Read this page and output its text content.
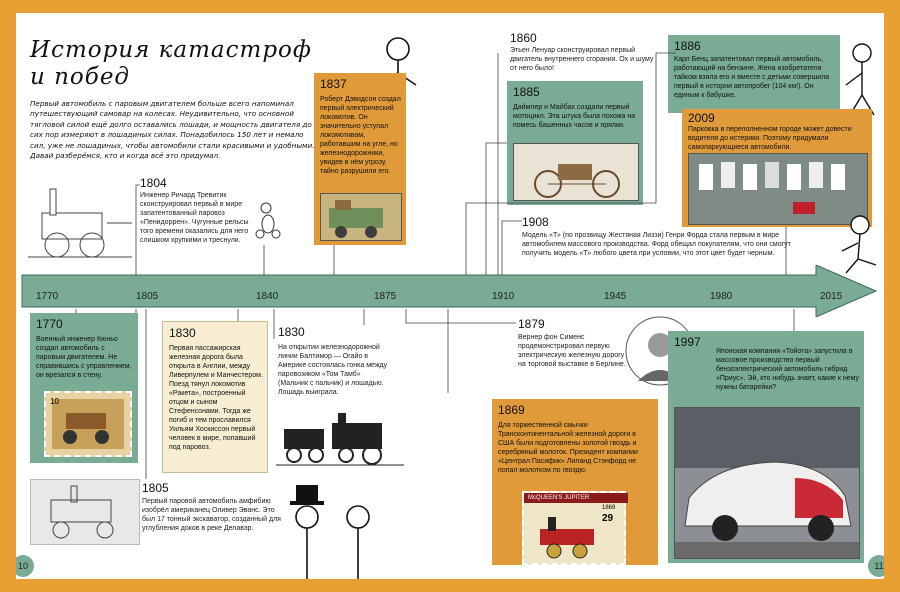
История катастроф
и побед
Первый автомобиль с паровым двигателем больше всего напоминал путешествующий самовар на колесах. Неудивительно, что основной тягловой силой ещё долго оставались лошади, и мощность двигателя до сих пор измеряют в лошадиных силах. Понадобилось 150 лет и немало сил, уже не лошадиных, чтобы автомобили стали красивыми и удобными. Давай разберёмся, кто и когда всё это придумал.
1804
Инженер Ричард Тревитик сконструировал первый в мире запатентованный паровоз «Пенидоррен». Чугунные рельсы того времени оказались для него слишком хрупкими и треснули.
1837
Роберт Дэвидсон создал первый электрический локомотив. Он значительно уступал локомотивам, работавшим на угле, но железнодорожники, увидев в нём угрозу, тайно разрушили его.
1860
Этьен Ленуар сконструировал первый двигатель внутреннего сгорания. Ох и шуму от него было!
1885
Даймлер и Майбах создали первый мотоцикл. Эта штука была похожа на помесь башенных часов и прялки.
1886
Карл Бенц запатентовал первый автомобиль, работающий на бензине. Жена изобретателя тайком взяла его и вместе с детьми совершила первый в истории автопробег (104 км!). Он единым к бабушке.
2009
Парковка в переполненном городе может довести водителя до истерики. Поэтому придумали самопаркующиеся автомобили.
1908
Модель «Т» (по прозвищу Жестяная Лиззи) Генри Форда стала первым в мире автомобилем массового производства. Форд обещал покупателям, что они смогут получить модель «Т» любого цвета при условии, что этот цвет будет черным.
1770	1805	1840	1875	1910	1945	1980	2015
1770
Военный инженер Кюньо создал автомобиль с паровым двигателем. Не справившись с управлением, он врезался в стену.
10
1830
Первая пассажирская железная дорога была открыта в Англии, между Ливерпулем и Манчестером. Поезд тянул локомотив «Ракета», построенный отцом и сыном Стефенсонами. Тогда же погиб и тем прославился Уильям Хоскиссон первый человек в мире, попавший под паровоз.
1830
На открытии железнодорожной линии Балтимор — Огайо в Америке состоялась гонка между паровозиком «Том Тамб» (Мальчик с пальчик) и лошадью. Лошадь выиграла.
1805
Первый паровой автомобиль амфибию изобрёл американец Оливер Эванс. Это был 17 тонный экскаватор, созданный для углубления доков в реке Делавэр.
1879
Вернер фон Сименс продемонстрировал первую электрическую железную дорогу на торговой выставке в Берлине.
1869
Для торжественной смычки Трансконтинентальной железной дороги в США были подготовлены золотой гвоздь и серебряный молоток. Президент компании «Централ Пасифик» Лиланд Стэнфорд не попал молотком по гвоздю.
McQUEEN'S JUPITER
1869
29
1997
Японская компания «Тойота» запустила в массовое производство первый бензоэлектрический автомобиль гибрид «Приус». Эй, кто нибудь знает, какие к нему нужны батарейки?
10	11
